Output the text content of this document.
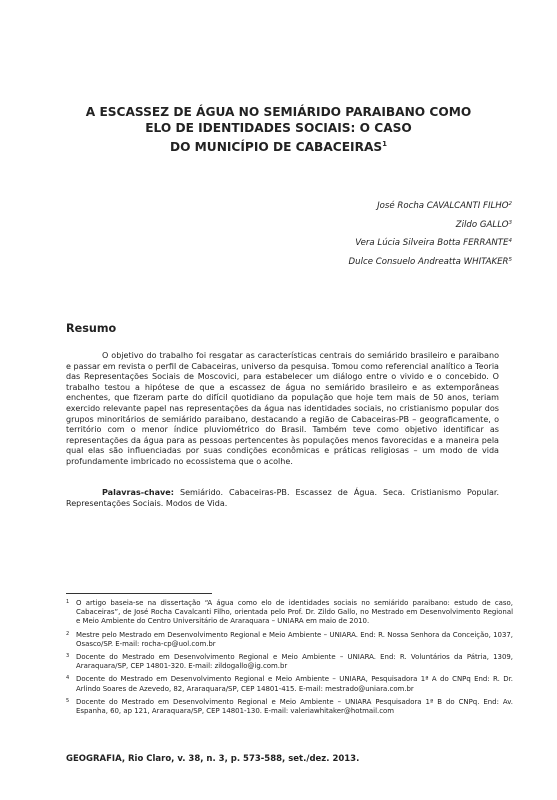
A ESCASSEZ DE ÁGUA NO SEMIÁRIDO PARAIBANO COMO
ELO DE IDENTIDADES SOCIAIS: O CASO
DO MUNICÍPIO DE CABACEIRAS$^1$
José Rocha CAVALCANTI FILHO$^2$
Zildo GALLO$^3$
Vera Lúcia Silveira Botta FERRANTE$^4$
Dulce Consuelo Andreatta WHITAKER$^5$
Resumo

O objetivo do trabalho foi resgatar as características centrais do semiárido brasileiro e paraibano e passar em revista o perfil de Cabaceiras, universo da pesquisa. Tomou como referencial analítico a Teoria das Representações Sociais de Moscovici, para estabelecer um diálogo entre o vivido e o concebido. O trabalho testou a hipótese de que a escassez de água no semiárido brasileiro e as extemporâneas enchentes, que fizeram parte do difícil quotidiano da população que hoje tem mais de 50 anos, teriam exercido relevante papel nas representações da água nas identidades sociais, no cristianismo popular dos grupos minoritários de semiárido paraibano, destacando a região de Cabaceiras-PB – geograficamente, o território com o menor índice pluviométrico do Brasil. Também teve como objetivo identificar as representações da água para as pessoas pertencentes às populações menos favorecidas e a maneira pela qual elas são influenciadas por suas condições econômicas e práticas religiosas – um modo de vida profundamente imbricado no ecossistema que o acolhe.

Palavras-chave: Semiárido. Cabaceiras-PB. Escassez de Água. Seca. Cristianismo Popular. Representações Sociais. Modos de Vida.
1 O artigo baseia-se na dissertação “A água como elo de identidades sociais no semiárido paraibano: estudo de caso, Cabaceiras”, de José Rocha Cavalcanti Filho, orientada pelo Prof. Dr. Zildo Gallo, no Mestrado em Desenvolvimento Regional e Meio Ambiente do Centro Universitário de Araraquara – UNIARA em maio de 2010.
2 Mestre pelo Mestrado em Desenvolvimento Regional e Meio Ambiente – UNIARA. End: R. Nossa Senhora da Conceição, 1037, Osasco/SP. E-mail: rocha-cp@uol.com.br
3 Docente do Mestrado em Desenvolvimento Regional e Meio Ambiente – UNIARA. End: R. Voluntários da Pátria, 1309, Araraquara/SP, CEP 14801-320. E-mail: zildogallo@ig.com.br
4 Docente do Mestrado em Desenvolvimento Regional e Meio Ambiente – UNIARA, Pesquisadora 1ª A do CNPq End: R. Dr. Arlindo Soares de Azevedo, 82, Araraquara/SP, CEP 14801-415. E-mail: mestrado@uniara.com.br
5 Docente do Mestrado em Desenvolvimento Regional e Meio Ambiente – UNIARA Pesquisadora 1ª B do CNPq. End: Av. Espanha, 60, ap 121, Araraquara/SP, CEP 14801-130. E-mail: valeriawhitaker@hotmail.com
GEOGRAFIA, Rio Claro, v. 38, n. 3, p. 573-588, set./dez. 2013.
